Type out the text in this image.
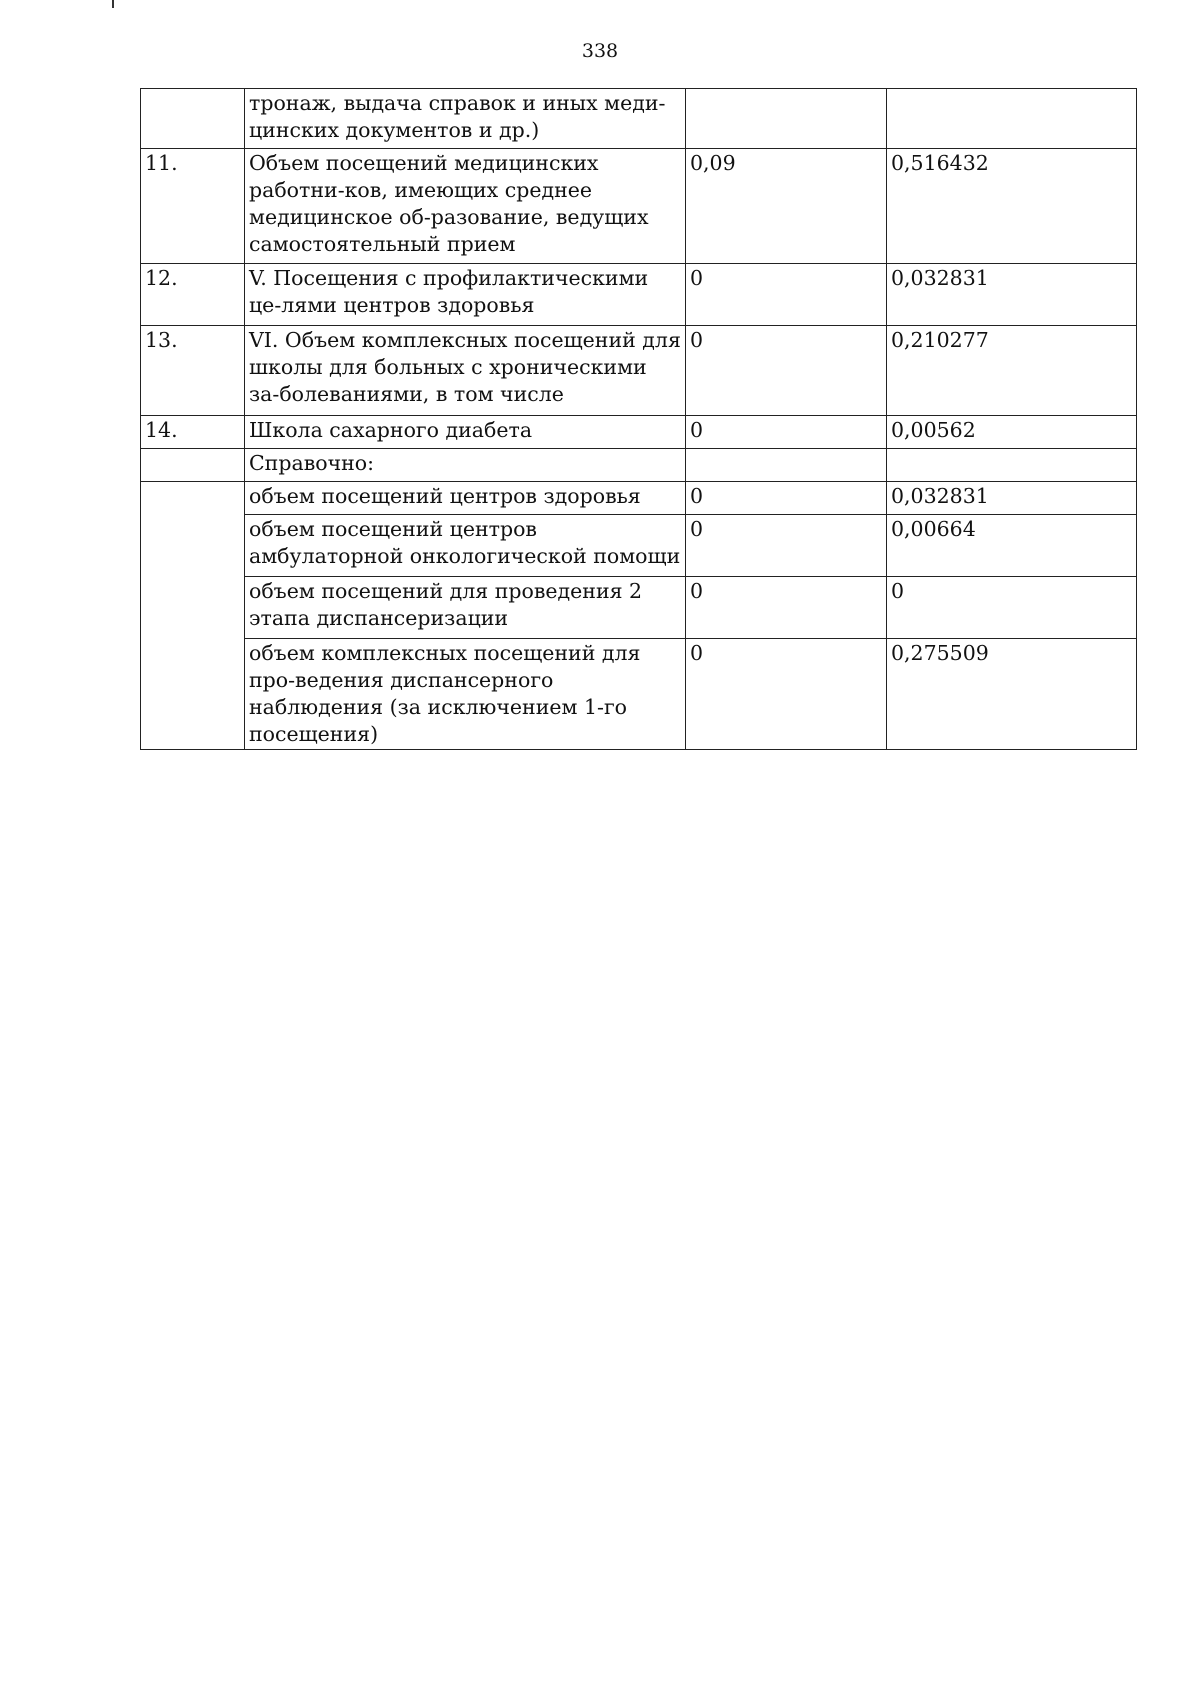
338
	тронаж, выдача справок и иных меди-цинских документов и др.)		
11.	Объем посещений медицинских работни-ков, имеющих среднее медицинское об-разование, ведущих самостоятельный прием	0,09	0,516432
12.	V. Посещения с профилактическими це-лями центров здоровья	0	0,032831
13.	VI. Объем комплексных посещений для школы для больных с хроническими за-болеваниями, в том числе	0	0,210277
14.	Школа сахарного диабета	0	0,00562
	Справочно:		
	объем посещений центров здоровья	0	0,032831
	объем посещений центров амбулаторной онкологической помощи	0	0,00664
	объем посещений для проведения 2 этапа диспансеризации	0	0
	объем комплексных посещений для про-ведения диспансерного наблюдения (за исключением 1-го посещения)	0	0,275509
